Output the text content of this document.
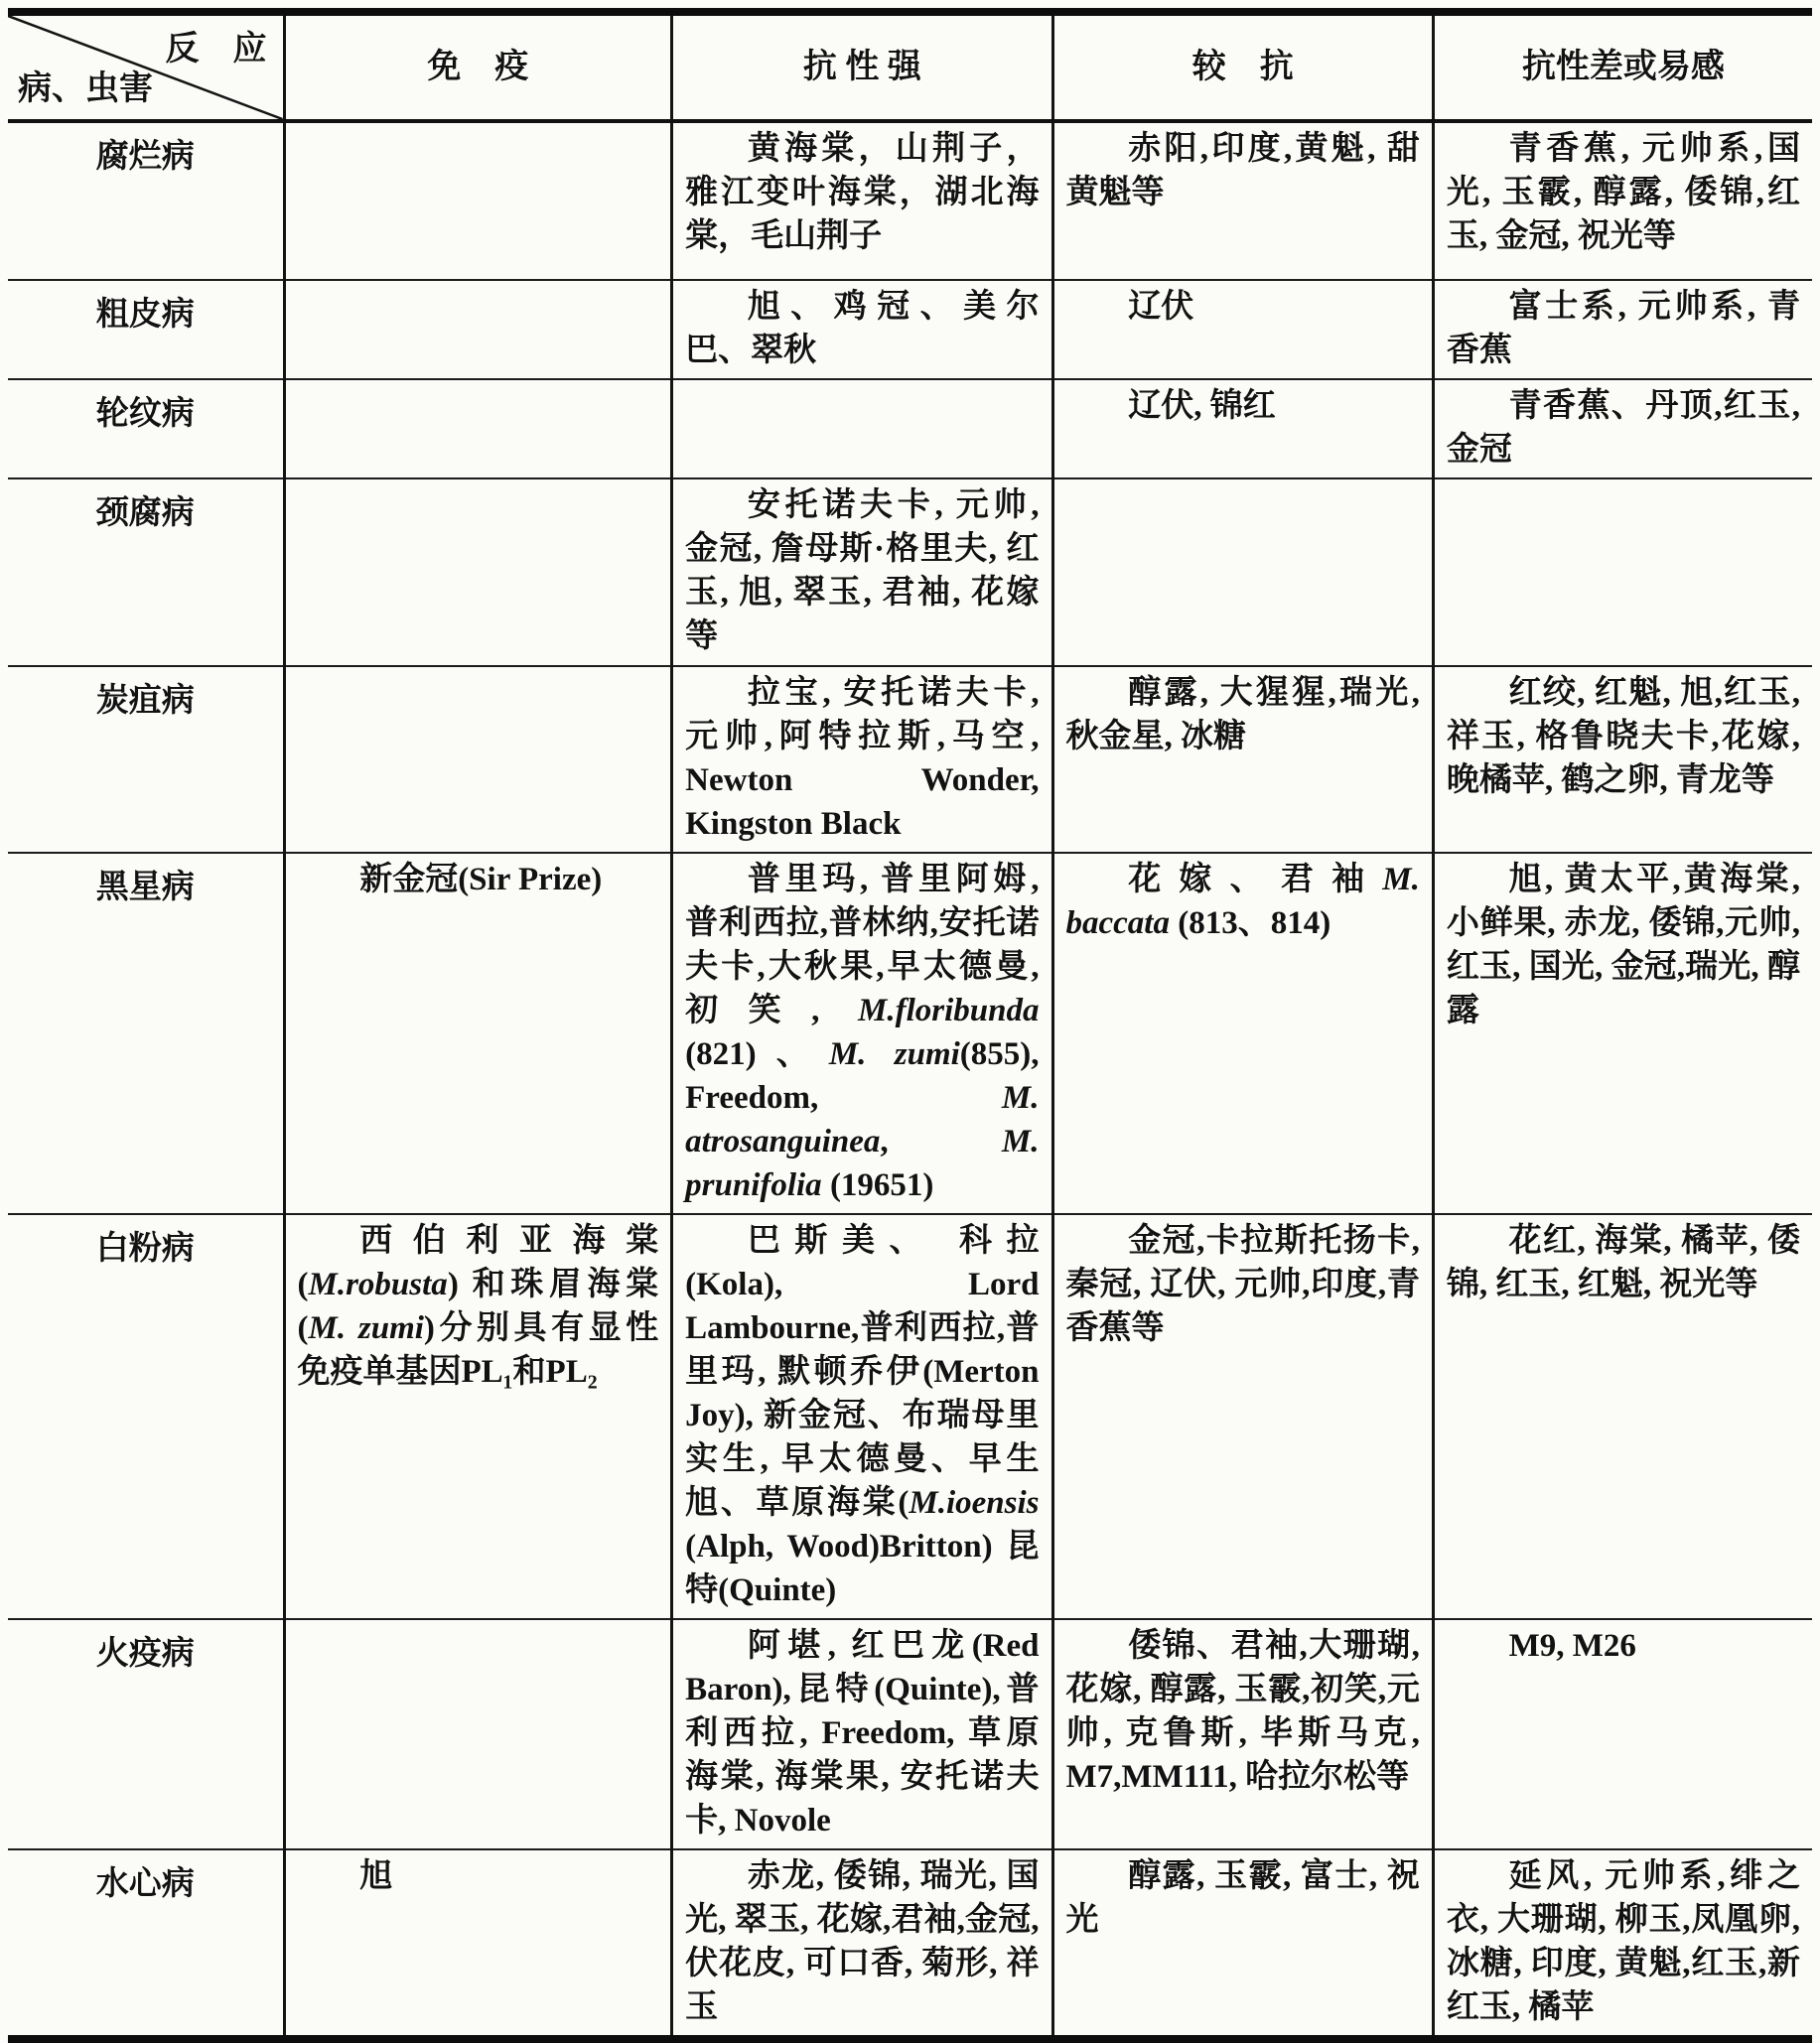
反　应
病、虫害	免　疫	抗 性 强	较　抗	抗性差或易感
腐烂病		黄海棠，山荆子，雅江变叶海棠，湖北海棠，毛山荆子	赤阳,印度,黄魁, 甜黄魁等	青香蕉, 元帅系,国光, 玉霰, 醇露, 倭锦,红玉, 金冠, 祝光等
粗皮病		旭、鸡冠、美尔巴、翠秋	辽伏	富士系, 元帅系, 青香蕉
轮纹病			辽伏, 锦红	青香蕉、丹顶,红玉,金冠
颈腐病		安托诺夫卡, 元帅, 金冠, 詹母斯·格里夫, 红玉, 旭, 翠玉, 君袖, 花嫁等		
炭疽病		拉宝, 安托诺夫卡, 元帅,阿特拉斯,马空, Newton Wonder, Kingston Black	醇露, 大猩猩,瑞光,秋金星, 冰糖	红绞, 红魁, 旭,红玉, 祥玉, 格鲁晓夫卡,花嫁, 晚橘苹, 鹤之卵, 青龙等
黑星病	新金冠(Sir Prize)	普里玛, 普里阿姆, 普利西拉,普林纳,安托诺夫卡,大秋果,早太德曼, 初笑, M.floribunda (821)、M. zumi(855), Freedom, M. atrosanguinea, M. prunifolia (19651)	花嫁、君袖M. baccata (813、814)	旭, 黄太平,黄海棠,小鲜果, 赤龙, 倭锦,元帅, 红玉, 国光, 金冠,瑞光, 醇露
白粉病	西伯利亚海棠(M.robusta) 和珠眉海棠(M. zumi)分别具有显性免疫单基因PL₁和PL₂	巴斯美、 科拉(Kola), Lord Lambourne,普利西拉,普里玛, 默顿乔伊(Merton Joy), 新金冠、布瑞母里实生, 早太德曼、早生旭、草原海棠(M.ioensis (Alph, Wood)Britton) 昆特(Quinte)	金冠,卡拉斯托扬卡,秦冠, 辽伏, 元帅,印度,青香蕉等	花红, 海棠, 橘苹, 倭锦, 红玉, 红魁, 祝光等
火疫病		阿堪, 红巴龙(Red Baron),昆特(Quinte),普利西拉, Freedom, 草原海棠, 海棠果, 安托诺夫卡, Novole	倭锦、君袖,大珊瑚,花嫁, 醇露, 玉霰,初笑,元帅, 克鲁斯, 毕斯马克, M7,MM111, 哈拉尔松等	M9, M26
水心病	旭	赤龙, 倭锦, 瑞光, 国光, 翠玉, 花嫁,君袖,金冠, 伏花皮, 可口香, 菊形, 祥玉	醇露, 玉霰, 富士, 祝光	延风, 元帅系,绯之衣, 大珊瑚, 柳玉,凤凰卵,冰糖, 印度, 黄魁,红玉,新红玉, 橘苹
